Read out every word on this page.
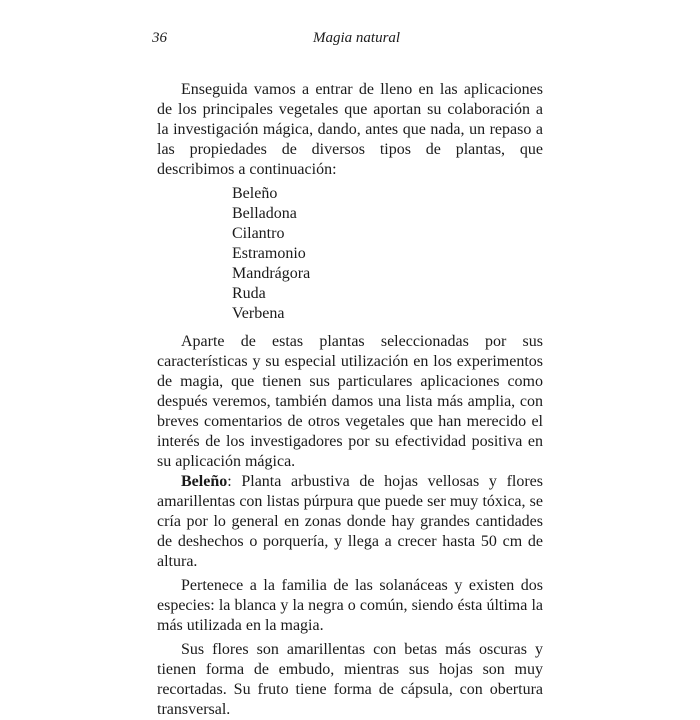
36	Magia natural

Enseguida vamos a entrar de lleno en las aplicaciones de los principales vegetales que aportan su colaboración a la investigación mágica, dando, antes que nada, un repaso a las propiedades de diversos tipos de plantas, que describimos a continuación:

Beleño
Belladona
Cilantro
Estramonio
Mandrágora
Ruda
Verbena

Aparte de estas plantas seleccionadas por sus características y su especial utilización en los experimentos de magia, que tienen sus particulares aplicaciones como después veremos, también damos una lista más amplia, con breves comentarios de otros vegetales que han merecido el interés de los investigadores por su efectividad positiva en su aplicación mágica.

Beleño: Planta arbustiva de hojas vellosas y flores amarillentas con listas púrpura que puede ser muy tóxica, se cría por lo general en zonas donde hay grandes cantidades de deshechos o porquería, y llega a crecer hasta 50 cm de altura.

Pertenece a la familia de las solanáceas y existen dos especies: la blanca y la negra o común, siendo ésta última la más utilizada en la magia.

Sus flores son amarillentas con betas más oscuras y tienen forma de embudo, mientras sus hojas son muy recortadas. Su fruto tiene forma de cápsula, con obertura transversal.
